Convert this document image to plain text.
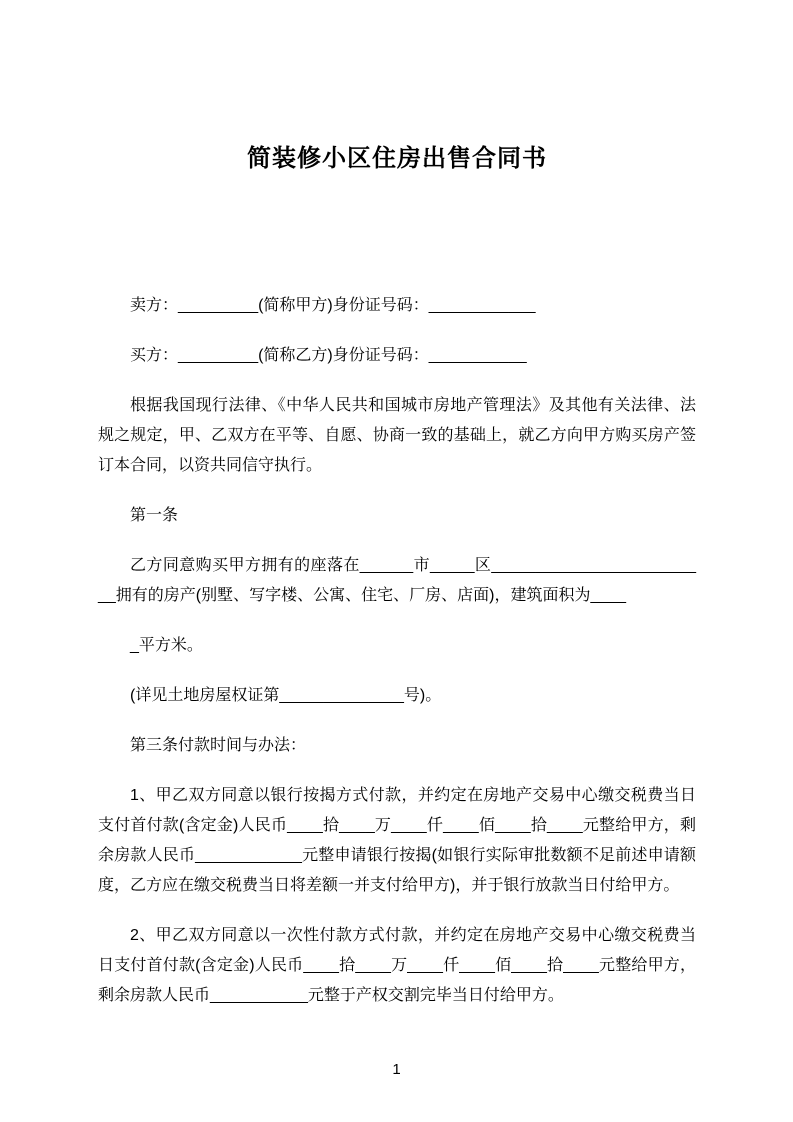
简装修小区住房出售合同书

卖方：_________(简称甲方)身份证号码：____________

买方：_________(简称乙方)身份证号码：___________

根据我国现行法律、《中华人民共和国城市房地产管理法》及其他有关法律、法规之规定，甲、乙双方在平等、自愿、协商一致的基础上，就乙方向甲方购买房产签订本合同，以资共同信守执行。

第一条

乙方同意购买甲方拥有的座落在______市_____区_________________________拥有的房产(别墅、写字楼、公寓、住宅、厂房、店面)，建筑面积为____

_平方米。

(详见土地房屋权证第______________号)。

第三条付款时间与办法：

1、甲乙双方同意以银行按揭方式付款，并约定在房地产交易中心缴交税费当日支付首付款(含定金)人民币____拾____万____仟____佰____拾____元整给甲方，剩余房款人民币____________元整申请银行按揭(如银行实际审批数额不足前述申请额度，乙方应在缴交税费当日将差额一并支付给甲方)，并于银行放款当日付给甲方。

2、甲乙双方同意以一次性付款方式付款，并约定在房地产交易中心缴交税费当日支付首付款(含定金)人民币____拾____万____仟____佰____拾____元整给甲方，剩余房款人民币___________元整于产权交割完毕当日付给甲方。

1
